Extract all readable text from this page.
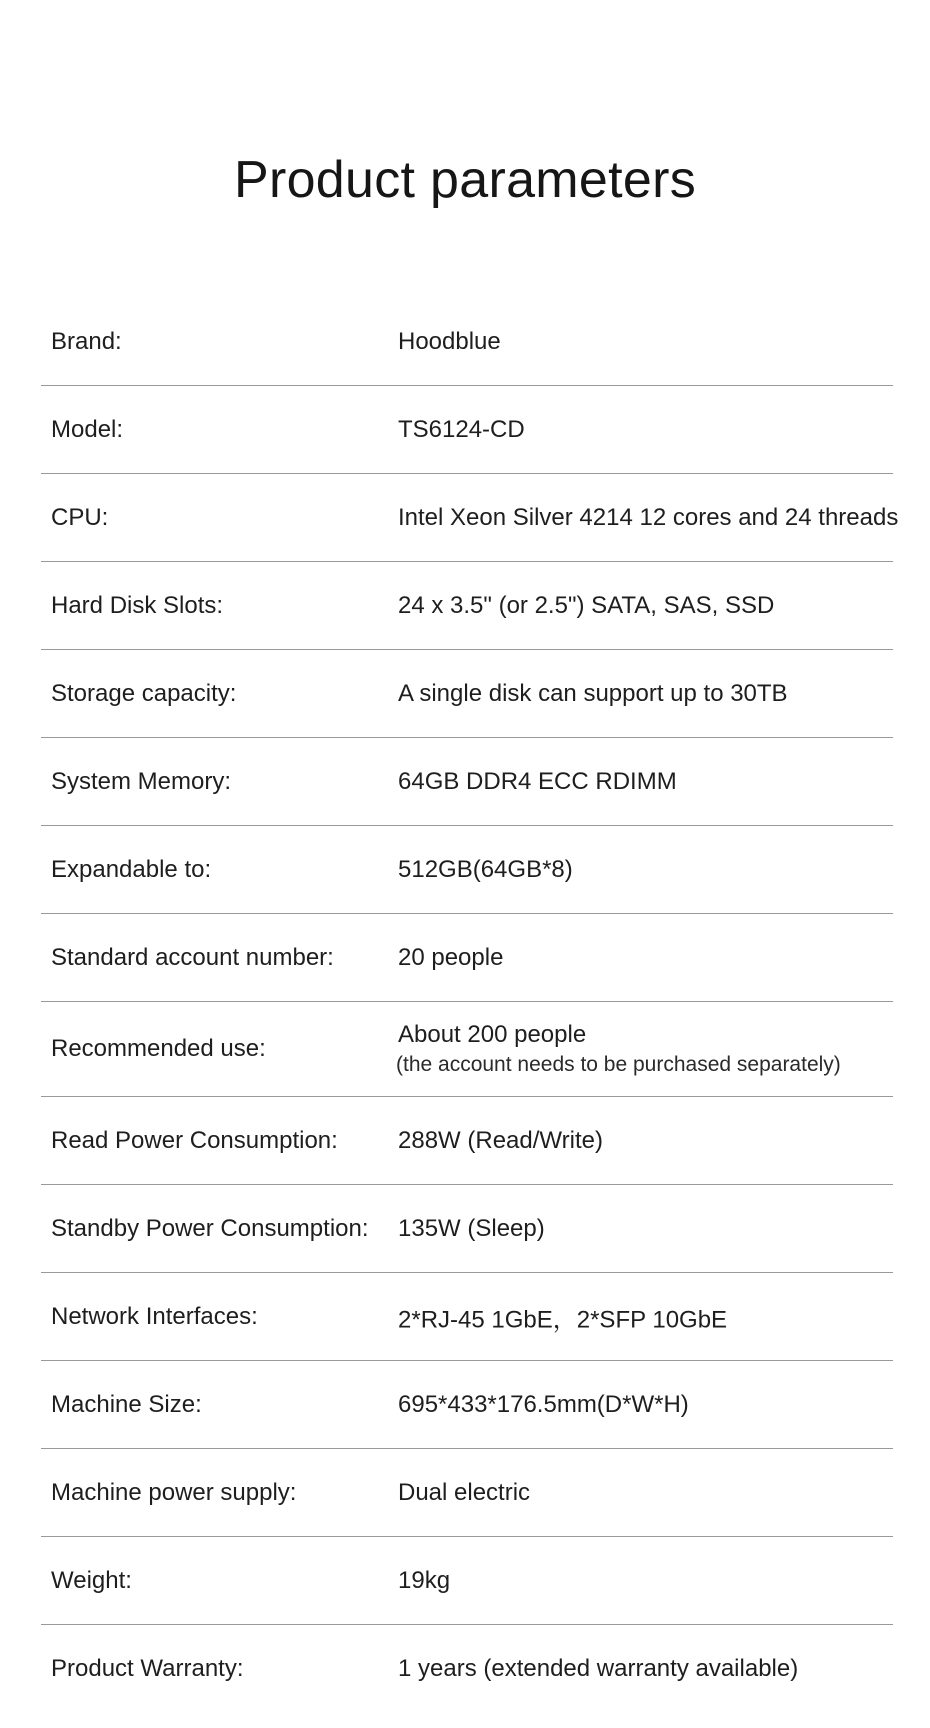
Product parameters
Brand:	Hoodblue
Model:	TS6124-CD
CPU:	Intel Xeon Silver 4214 12 cores and 24 threads
Hard Disk Slots:	24 x 3.5" (or 2.5") SATA, SAS, SSD
Storage capacity:	A single disk can support up to 30TB
System Memory:	64GB DDR4 ECC RDIMM
Expandable to:	512GB(64GB*8)
Standard account number:	20 people
Recommended use:
About 200 people
(the account needs to be purchased separately)
Read Power Consumption:	288W (Read/Write)
Standby Power Consumption: 135W (Sleep)
Network Interfaces:	2*RJ-45 1GbE，2*SFP 10GbE
Machine Size:	695*433*176.5mm(D*W*H)
Machine power supply:	Dual electric
Weight:	19kg
Product Warranty:	1 years (extended warranty available)
